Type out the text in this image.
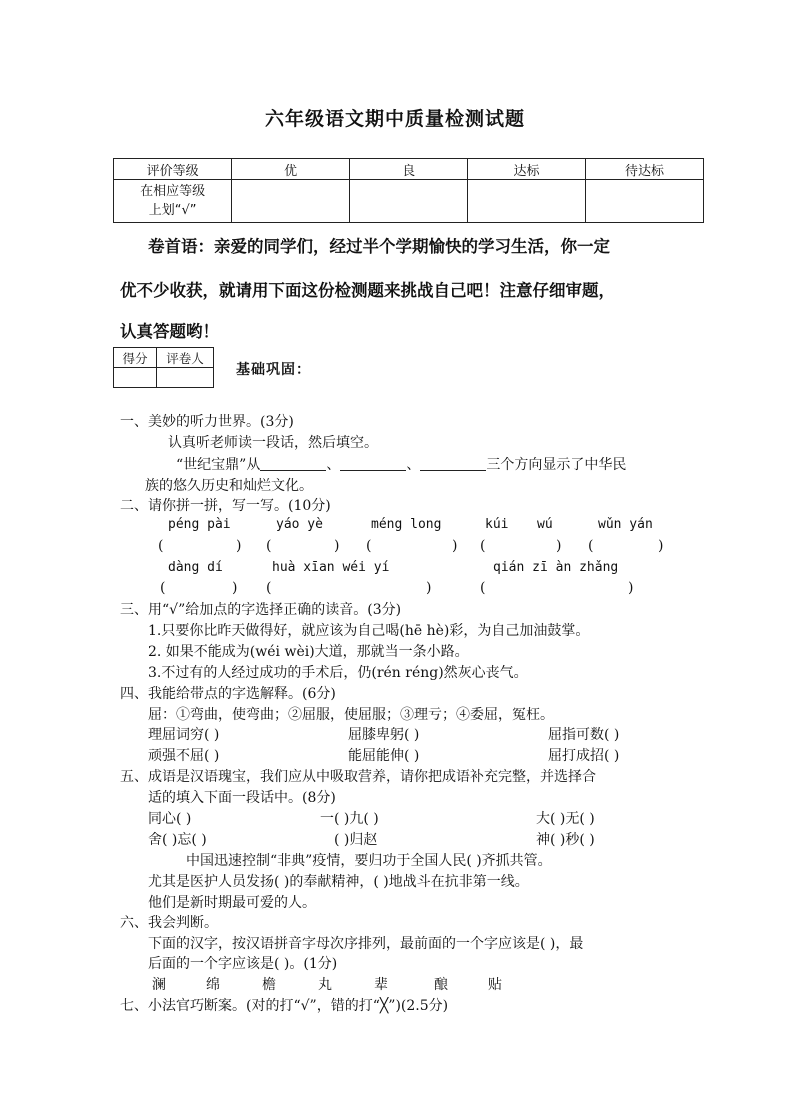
六年级语文期中质量检测试题
评价等级	优	良	达标	待达标

在相应等级
上划“√”				

卷首语：亲爱的同学们，经过半个学期愉快的学习生活，你一定
优不少收获，就请用下面这份检测题来挑战自己吧！注意仔细审题，
认真答题哟！
得分	评卷人

基础巩固：
一、美妙的听力世界。(3分)
认真听老师读一段话，然后填空。
“世纪宝鼎”从	、	、	三个方向显示了中华民
族的悠久历史和灿烂文化。
二、请你拼一拼，写一写。(10分)
péng pài	yáo yè	méng long	kúi wú	wǔn yán
(	) (	) (	) (	) (	)
dàng dí	huà xīan wéi yí	qián zī àn zhǎng
(	) (	)	(	)
三、用“√”给加点的字选择正确的读音。(3分)
1.只要你比昨天做得好，就应该为自己喝(hē hè)彩，为自己加油鼓掌。
2. 如果不能成为(wéi wèi)大道，那就当一条小路。
3.不过有的人经过成功的手术后，仍(rén réng)然灰心丧气。
四、我能给带点的字选解释。(6分)
屈：①弯曲，使弯曲；②屈服，使屈服；③理亏；④委屈，冤枉。
理屈词穷( )	屈膝卑躬( )	屈指可数( )
顽强不屈( )	能屈能伸( )	屈打成招( )
五、成语是汉语瑰宝，我们应从中吸取营养，请你把成语补充完整，并选择合
适的填入下面一段话中。(8分)
同心( )	一( )九( )	大( )无( )
舍( )忘( )	( )归赵	神( )秒( )
中国迅速控制“非典”疫情，要归功于全国人民( )齐抓共管。
尤其是医护人员发扬( )的奉献精神，( )地战斗在抗非第一线。
他们是新时期最可爱的人。
六、我会判断。
下面的汉字，按汉语拼音字母次序排列，最前面的一个字应该是( )，最
后面的一个字应该是( )。(1分)
澜	绵	檐	丸	辈	酿	贴
七、小法官巧断案。(对的打“√”，错的打“╳”)(2.5分)
